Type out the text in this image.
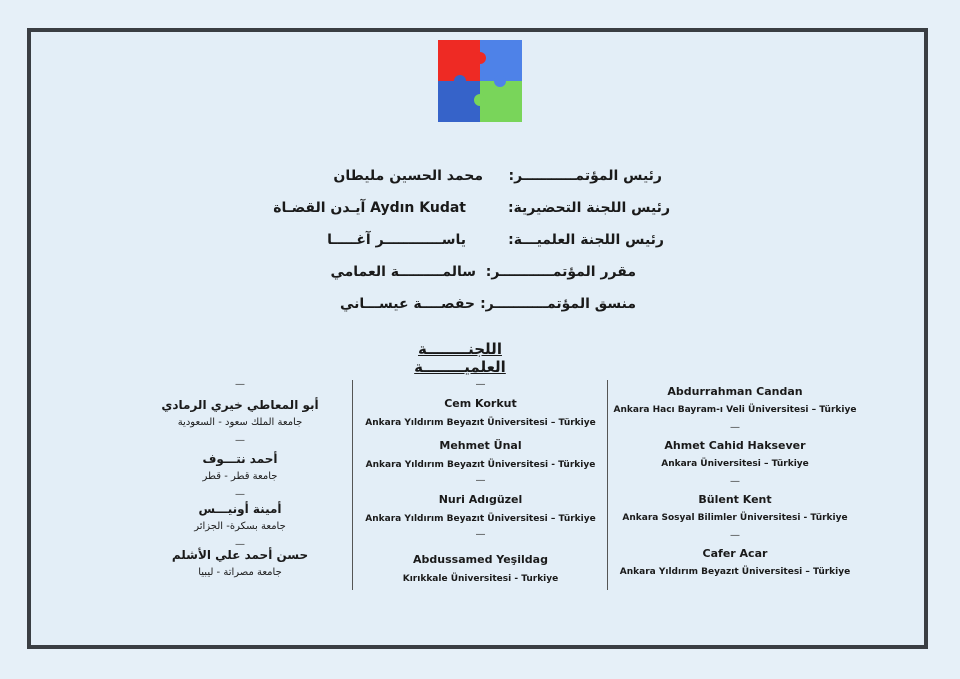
رئيس المؤتمـــــــــــر:
محمد الحسين مليطان
رئيس اللجنة التحضيرية:
آيـدن القضـاة Aydın Kudat
رئيس اللجنة العلميـــة:
ياســــــــــــر آغـــــا
مقرر المؤتمـــــــــــر:
سالمـــــــــة العمامي
منسق المؤتمـــــــــــر:
حفصــــة عيســـاني
اللجنــــــــة العلميــــــــة
Abdurrahman Candan
Ankara Hacı Bayram-ı Veli Üniversitesi – Türkiye
—
Ahmet Cahid Haksever
Ankara Üniversitesi – Türkiye
—
Bülent Kent
Ankara Sosyal Bilimler Üniversitesi - Türkiye
—
Cafer Acar
Ankara Yıldırım Beyazıt Üniversitesi – Türkiye
—
Cem Korkut
Ankara Yıldırım Beyazıt Üniversitesi – Türkiye
Mehmet Ünal
Ankara Yıldırım Beyazıt Üniversitesi - Türkiye
—
Nuri Adıgüzel
Ankara Yıldırım Beyazıt Üniversitesi – Türkiye
—
Abdussamed Yeşildag
Kırıkkale Üniversitesi - Turkiye
—
أبو المعاطي خيري الرمادي
جامعة الملك سعود - السعودية
—
أحمد نتـــوف
جامعة قطر - قطر
—
أمينة أونيـــس
جامعة بسكرة- الجزائر
—
حسن أحمد علي الأشلم
جامعة مصراتة - ليبيا
